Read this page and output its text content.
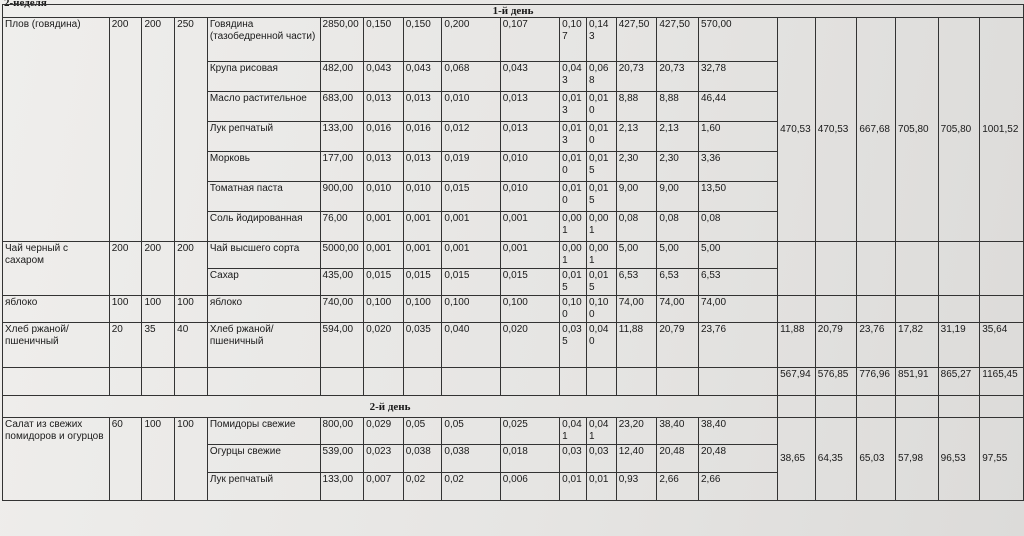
2-неделя
1-й день																				
Плов (говядина)	200	200	250	Говядина (тазобедренной части)	2850,00	0,150	0,150	0,200	0,107	0,107	0,143	427,50	427,50	570,00	470,53	470,53	667,68	705,80	705,80	1001,52
				Крупа рисовая	482,00	0,043	0,043	0,068	0,043	0,043	0,068	20,73	20,73	32,78						
				Масло растительное	683,00	0,013	0,013	0,010	0,013	0,013	0,010	8,88	8,88	46,44						
				Лук репчатый	133,00	0,016	0,016	0,012	0,013	0,013	0,010	2,13	2,13	1,60						
				Морковь	177,00	0,013	0,013	0,019	0,010	0,010	0,015	2,30	2,30	3,36						
				Томатная паста	900,00	0,010	0,010	0,015	0,010	0,010	0,015	9,00	9,00	13,50						
				Соль йодированная	76,00	0,001	0,001	0,001	0,001	0,001	0,001	0,08	0,08	0,08						
Чай черный с сахаром	200	200	200	Чай высшего сорта	5000,00	0,001	0,001	0,001	0,001	0,001	0,001	5,00	5,00	5,00						
				Сахар	435,00	0,015	0,015	0,015	0,015	0,015	0,015	6,53	6,53	6,53						
яблоко	100	100	100	яблоко	740,00	0,100	0,100	0,100	0,100	0,100	0,100	74,00	74,00	74,00						
Хлеб ржаной/пшеничный	20	35	40	Хлеб ржаной/пшеничный	594,00	0,020	0,035	0,040	0,020	0,035	0,040	11,88	20,79	23,76	11,88	20,79	23,76	17,82	31,19	35,64
															567,94	576,85	776,96	851,91	865,27	1165,45
2-й день																				
Салат из свежих помидоров и огурцов	60	100	100	Помидоры свежие	800,00	0,029	0,05	0,05	0,025	0,041	0,041	23,20	38,40	38,40	38,65	64,35	65,03	57,98	96,53	97,55
				Огурцы свежие	539,00	0,023	0,038	0,038	0,018	0,03	0,03	12,40	20,48	20,48						
				Лук репчатый	133,00	0,007	0,02	0,02	0,006	0,01	0,01	0,93	2,66	2,66						
